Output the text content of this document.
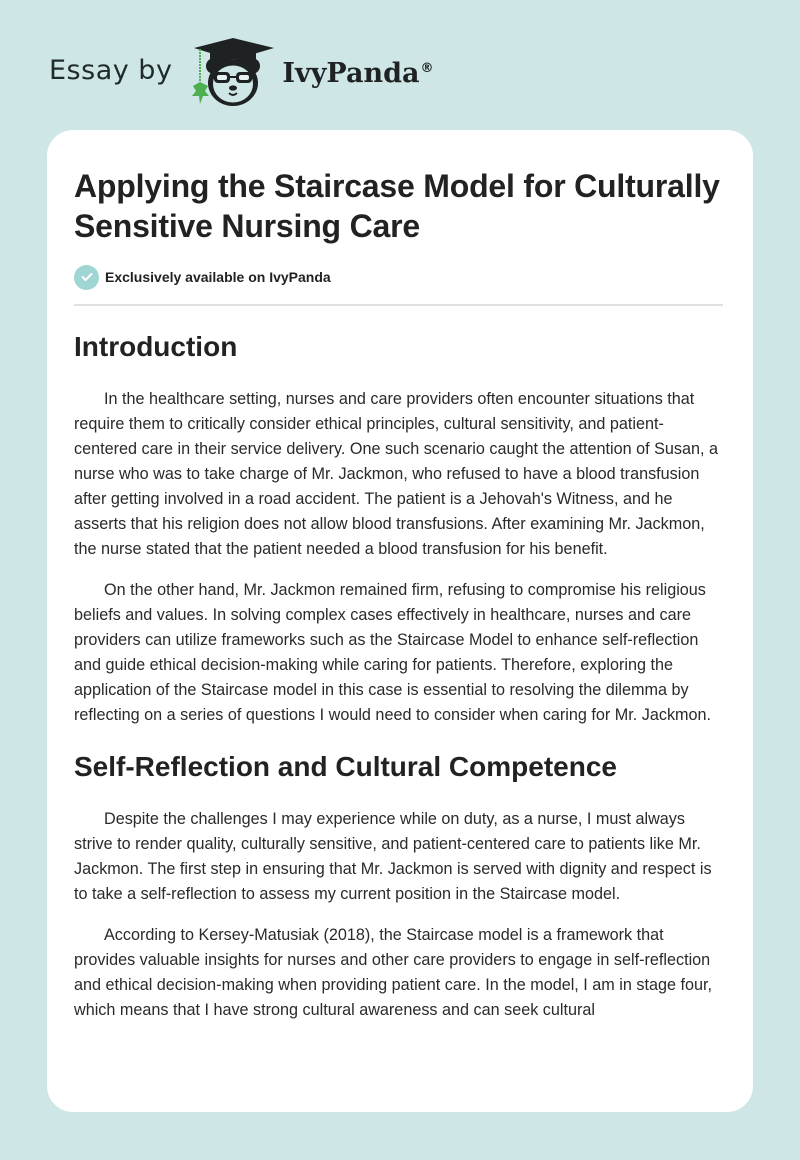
Essay by	IvyPanda®
Applying the Staircase Model for Culturally Sensitive Nursing Care
Exclusively available on IvyPanda
Introduction

In the healthcare setting, nurses and care providers often encounter situations that require them to critically consider ethical principles, cultural sensitivity, and patient-centered care in their service delivery. One such scenario caught the attention of Susan, a nurse who was to take charge of Mr. Jackmon, who refused to have a blood transfusion after getting involved in a road accident. The patient is a Jehovah's Witness, and he asserts that his religion does not allow blood transfusions. After examining Mr. Jackmon, the nurse stated that the patient needed a blood transfusion for his benefit.

On the other hand, Mr. Jackmon remained firm, refusing to compromise his religious beliefs and values. In solving complex cases effectively in healthcare, nurses and care providers can utilize frameworks such as the Staircase Model to enhance self-reflection and guide ethical decision-making while caring for patients. Therefore, exploring the application of the Staircase model in this case is essential to resolving the dilemma by reflecting on a series of questions I would need to consider when caring for Mr. Jackmon.

Self-Reflection and Cultural Competence

Despite the challenges I may experience while on duty, as a nurse, I must always strive to render quality, culturally sensitive, and patient-centered care to patients like Mr. Jackmon. The first step in ensuring that Mr. Jackmon is served with dignity and respect is to take a self-reflection to assess my current position in the Staircase model.

According to Kersey-Matusiak (2018), the Staircase model is a framework that provides valuable insights for nurses and other care providers to engage in self-reflection and ethical decision-making when providing patient care. In the model, I am in stage four, which means that I have strong cultural awareness and can seek cultural
